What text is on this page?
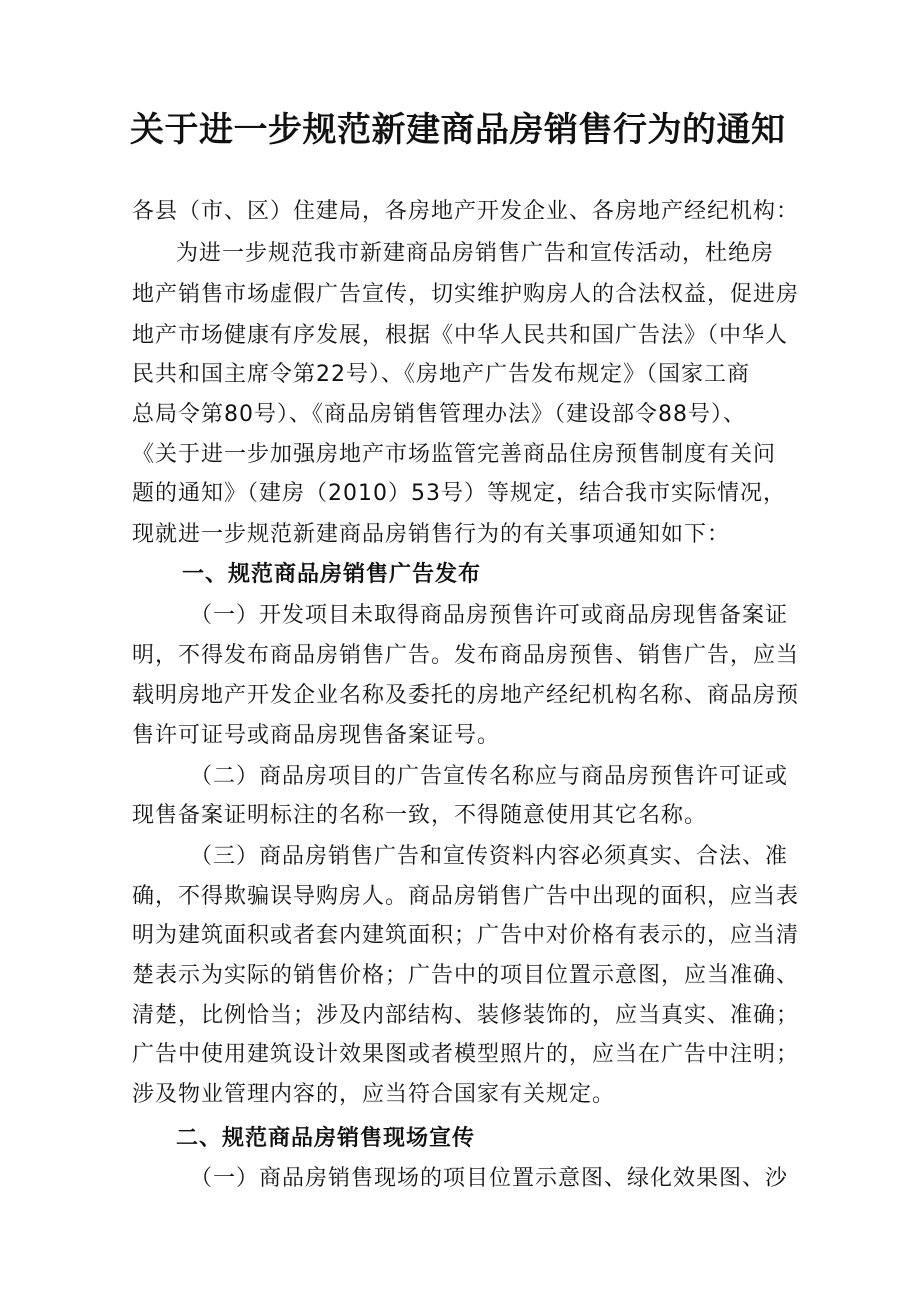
关于进一步规范新建商品房销售行为的通知

各县（市、区）住建局，各房地产开发企业、各房地产经纪机构：

为进一步规范我市新建商品房销售广告和宣传活动，杜绝房

地产销售市场虚假广告宣传，切实维护购房人的合法权益，促进房

地产市场健康有序发展，根据《中华人民共和国广告法》（中华人

民共和国主席令第22号）、《房地产广告发布规定》（国家工商

总局令第80号）、《商品房销售管理办法》（建设部令88号）、

《关于进一步加强房地产市场监管完善商品住房预售制度有关问

题的通知》（建房（2010）53号）等规定，结合我市实际情况，

现就进一步规范新建商品房销售行为的有关事项通知如下：

一、规范商品房销售广告发布

（一）开发项目未取得商品房预售许可或商品房现售备案证

明，不得发布商品房销售广告。发布商品房预售、销售广告，应当

载明房地产开发企业名称及委托的房地产经纪机构名称、商品房预

售许可证号或商品房现售备案证号。

（二）商品房项目的广告宣传名称应与商品房预售许可证或

现售备案证明标注的名称一致，不得随意使用其它名称。

（三）商品房销售广告和宣传资料内容必须真实、合法、准

确，不得欺骗误导购房人。商品房销售广告中出现的面积，应当表

明为建筑面积或者套内建筑面积；广告中对价格有表示的，应当清

楚表示为实际的销售价格；广告中的项目位置示意图，应当准确、

清楚，比例恰当；涉及内部结构、装修装饰的，应当真实、准确；

广告中使用建筑设计效果图或者模型照片的，应当在广告中注明；

涉及物业管理内容的，应当符合国家有关规定。

二、规范商品房销售现场宣传

（一）商品房销售现场的项目位置示意图、绿化效果图、沙
